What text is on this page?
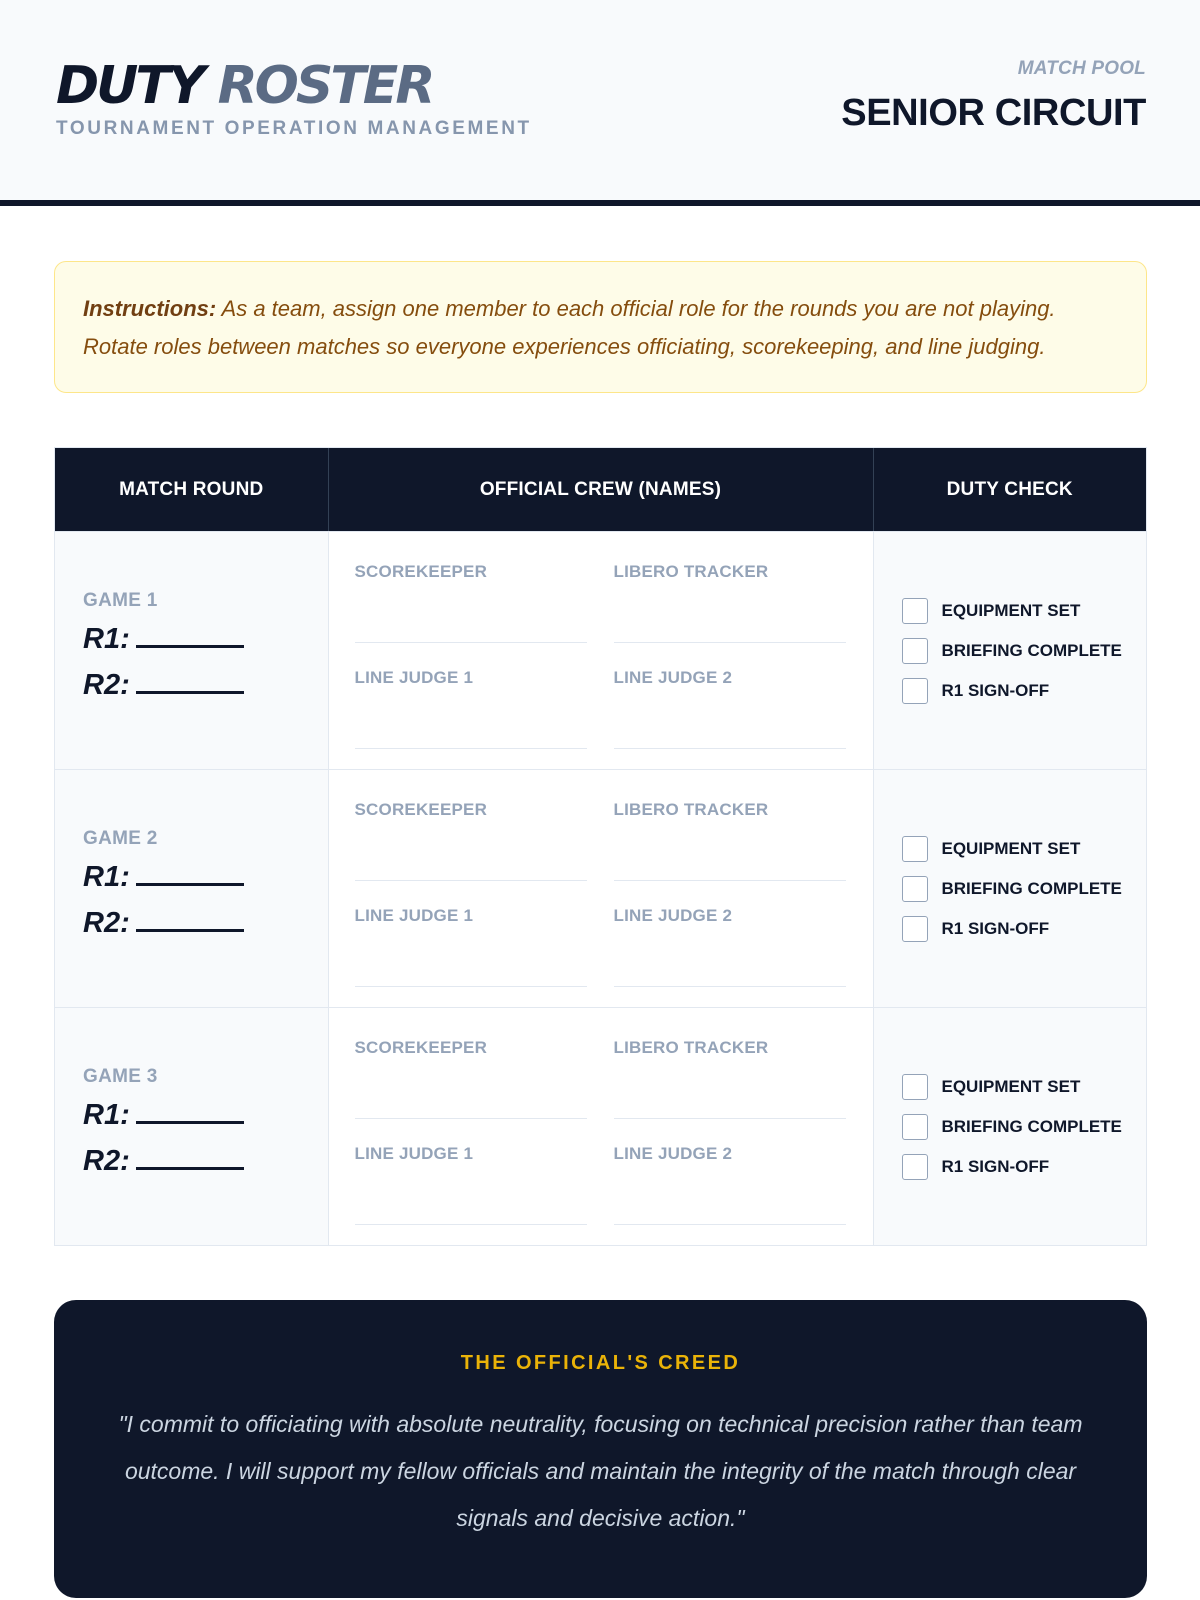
DUTY ROSTER
TOURNAMENT OPERATION MANAGEMENT
MATCH POOL
SENIOR CIRCUIT
Instructions: As a team, assign one member to each official role for the rounds you are not playing. Rotate roles between matches so everyone experiences officiating, scorekeeping, and line judging.
MATCH ROUND	OFFICIAL CREW (NAMES)	DUTY CHECK
GAME 1
R1:
R2:
SCOREKEEPER	LIBERO TRACKER
LINE JUDGE 1	LINE JUDGE 2
EQUIPMENT SET
BRIEFING COMPLETE
R1 SIGN-OFF
GAME 2
R1:
R2:
SCOREKEEPER	LIBERO TRACKER
LINE JUDGE 1	LINE JUDGE 2
EQUIPMENT SET
BRIEFING COMPLETE
R1 SIGN-OFF
GAME 3
R1:
R2:
SCOREKEEPER	LIBERO TRACKER
LINE JUDGE 1	LINE JUDGE 2
EQUIPMENT SET
BRIEFING COMPLETE
R1 SIGN-OFF
THE OFFICIAL'S CREED
"I commit to officiating with absolute neutrality, focusing on technical precision rather than team outcome. I will support my fellow officials and maintain the integrity of the match through clear signals and decisive action."
